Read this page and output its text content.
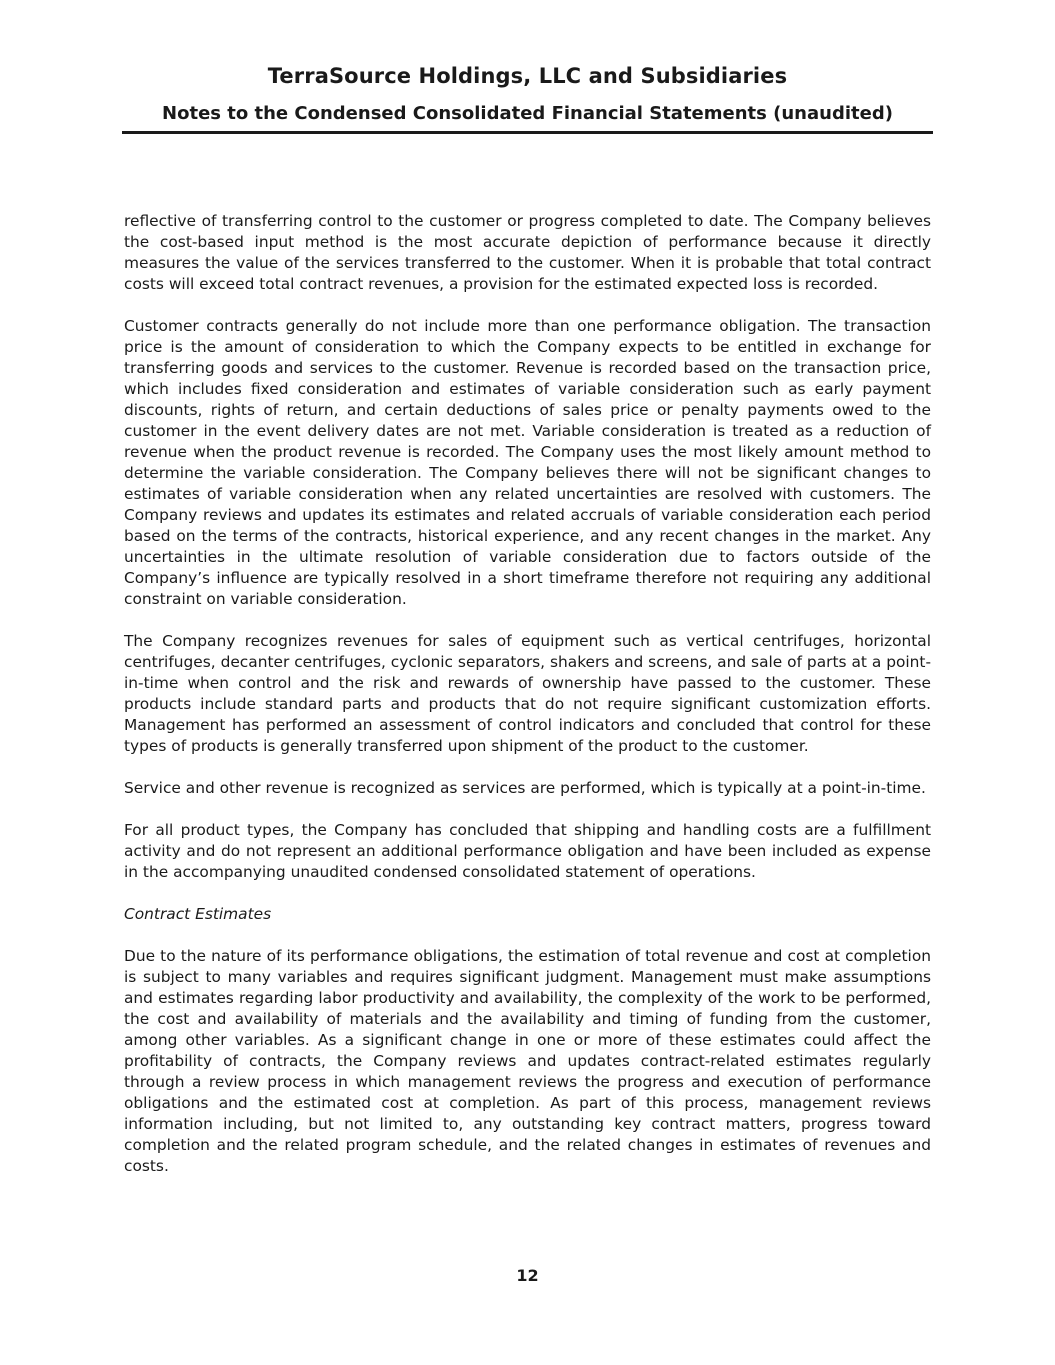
TerraSource Holdings, LLC and Subsidiaries
Notes to the Condensed Consolidated Financial Statements (unaudited)

reflective of transferring control to the customer or progress completed to date. The Company believes the cost-based input method is the most accurate depiction of performance because it directly measures the value of the services transferred to the customer. When it is probable that total contract costs will exceed total contract revenues, a provision for the estimated expected loss is recorded.

Customer contracts generally do not include more than one performance obligation. The transaction price is the amount of consideration to which the Company expects to be entitled in exchange for transferring goods and services to the customer. Revenue is recorded based on the transaction price, which includes fixed consideration and estimates of variable consideration such as early payment discounts, rights of return, and certain deductions of sales price or penalty payments owed to the customer in the event delivery dates are not met. Variable consideration is treated as a reduction of revenue when the product revenue is recorded. The Company uses the most likely amount method to determine the variable consideration. The Company believes there will not be significant changes to estimates of variable consideration when any related uncertainties are resolved with customers. The Company reviews and updates its estimates and related accruals of variable consideration each period based on the terms of the contracts, historical experience, and any recent changes in the market. Any uncertainties in the ultimate resolution of variable consideration due to factors outside of the Company’s influence are typically resolved in a short timeframe therefore not requiring any additional constraint on variable consideration.

The Company recognizes revenues for sales of equipment such as vertical centrifuges, horizontal centrifuges, decanter centrifuges, cyclonic separators, shakers and screens, and sale of parts at a point-in-time when control and the risk and rewards of ownership have passed to the customer. These products include standard parts and products that do not require significant customization efforts. Management has performed an assessment of control indicators and concluded that control for these types of products is generally transferred upon shipment of the product to the customer.

Service and other revenue is recognized as services are performed, which is typically at a point-in-time.

For all product types, the Company has concluded that shipping and handling costs are a fulfillment activity and do not represent an additional performance obligation and have been included as expense in the accompanying unaudited condensed consolidated statement of operations.

Contract Estimates

Due to the nature of its performance obligations, the estimation of total revenue and cost at completion is subject to many variables and requires significant judgment. Management must make assumptions and estimates regarding labor productivity and availability, the complexity of the work to be performed, the cost and availability of materials and the availability and timing of funding from the customer, among other variables. As a significant change in one or more of these estimates could affect the profitability of contracts, the Company reviews and updates contract-related estimates regularly through a review process in which management reviews the progress and execution of performance obligations and the estimated cost at completion. As part of this process, management reviews information including, but not limited to, any outstanding key contract matters, progress toward completion and the related program schedule, and the related changes in estimates of revenues and costs.

12
